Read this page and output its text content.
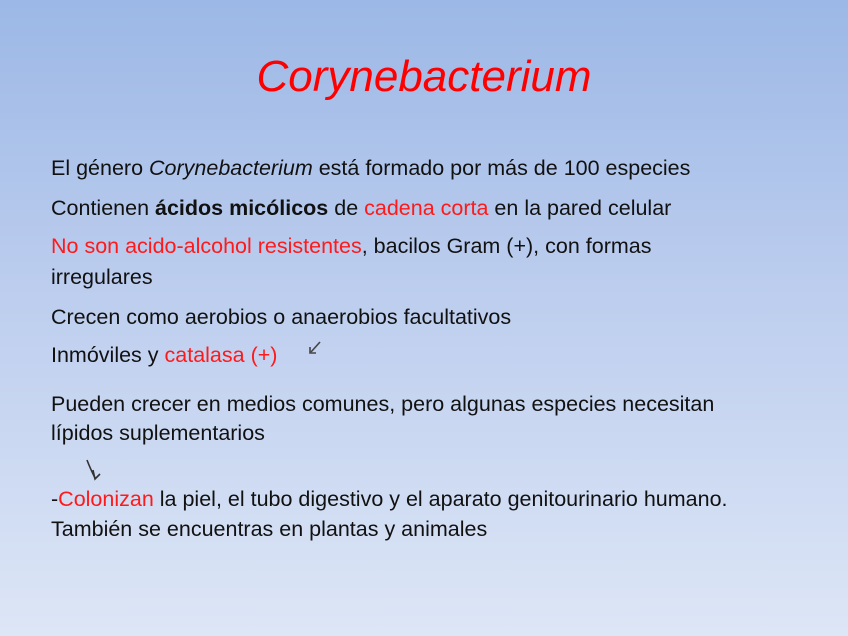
Corynebacterium
El género Corynebacterium está formado por más de 100 especies
Contienen ácidos micólicos de cadena corta en la pared celular
No son acido-alcohol resistentes, bacilos Gram (+), con formas
irregulares
Crecen como aerobios o anaerobios facultativos
Inmóviles y catalasa (+)
Pueden crecer en medios comunes, pero algunas especies necesitan
lípidos suplementarios
-Colonizan la piel, el tubo digestivo y el aparato genitourinario humano.
También se encuentras en plantas y animales
